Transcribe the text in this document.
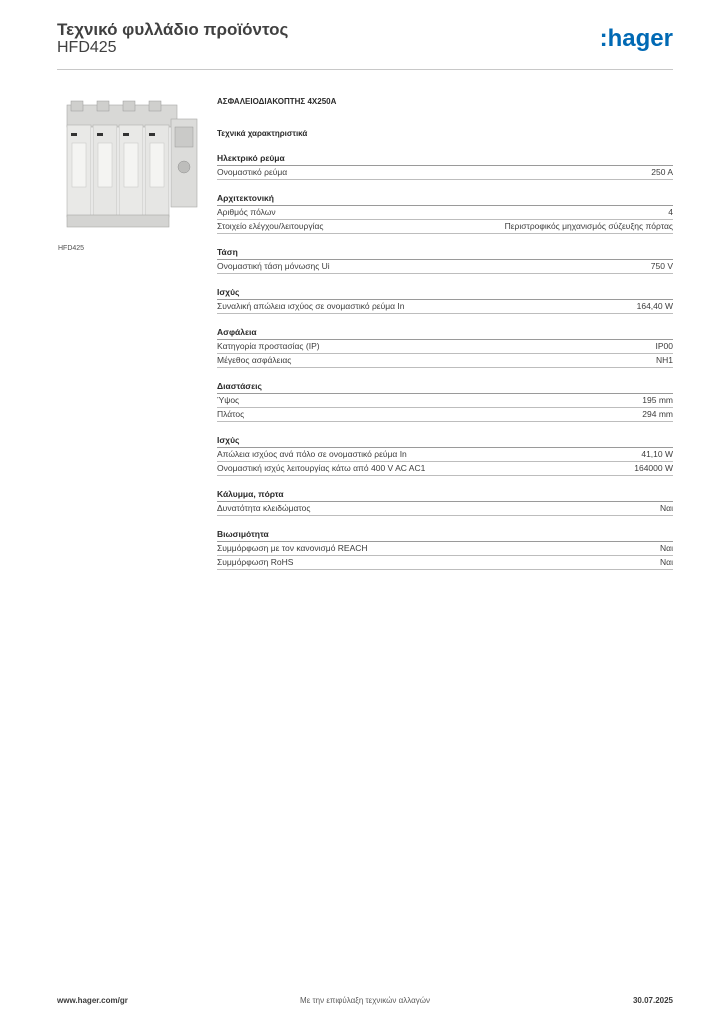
Τεχνικό φυλλάδιο προϊόντος
HFD425	:hager
HFD425
ΑΣΦΑΛΕΙΟΔΙΑΚΟΠΤΗΣ 4X250A
Τεχνικά χαρακτηριστικά
Ηλεκτρικό ρεύμα
Ονομαστικό ρεύμα	250 A
Αρχιτεκτονική
Αριθμός πόλων	4
Στοιχείο ελέγχου/λειτουργίας	Περιστροφικός μηχανισμός σύζευξης πόρτας
Τάση
Ονομαστική τάση μόνωσης Ui	750 V
Ισχύς
Συναλική απώλεια ισχύος σε ονομαστικό ρεύμα In	164,40 W
Ασφάλεια
Κατηγορία προστασίας (IP)	IP00
Μέγεθος ασφάλειας	NH1
Διαστάσεις
Ύψος	195 mm
Πλάτος	294 mm
Ισχύς
Απώλεια ισχύος ανά πόλο σε ονομαστικό ρεύμα In	41,10 W
Ονομαστική ισχύς λειτουργίας κάτω από 400 V AC AC1	164000 W
Κάλυμμα, πόρτα
Δυνατότητα κλειδώματος	Ναι
Βιωσιμότητα
Συμμόρφωση με τον κανονισμό REACH	Ναι
Συμμόρφωση RoHS	Ναι
Με την επιφύλαξη τεχνικών αλλαγών
www.hager.com/gr	30.07.2025
